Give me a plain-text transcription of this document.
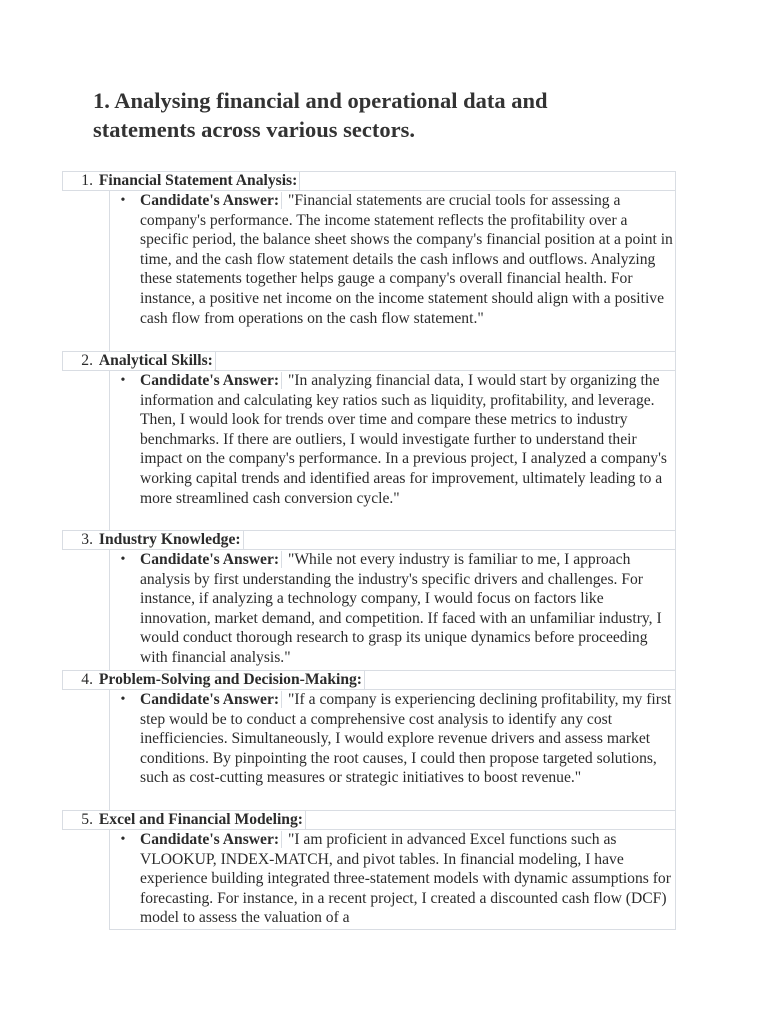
1. Analysing financial and operational data and statements across various sectors.
1. Financial Statement Analysis:
• Candidate's Answer: "Financial statements are crucial tools for assessing a company's performance. The income statement reflects the profitability over a specific period, the balance sheet shows the company's financial position at a point in time, and the cash flow statement details the cash inflows and outflows. Analyzing these statements together helps gauge a company's overall financial health. For instance, a positive net income on the income statement should align with a positive cash flow from operations on the cash flow statement."
2. Analytical Skills:
• Candidate's Answer: "In analyzing financial data, I would start by organizing the information and calculating key ratios such as liquidity, profitability, and leverage. Then, I would look for trends over time and compare these metrics to industry benchmarks. If there are outliers, I would investigate further to understand their impact on the company's performance. In a previous project, I analyzed a company's working capital trends and identified areas for improvement, ultimately leading to a more streamlined cash conversion cycle."
3. Industry Knowledge:
• Candidate's Answer: "While not every industry is familiar to me, I approach analysis by first understanding the industry's specific drivers and challenges. For instance, if analyzing a technology company, I would focus on factors like innovation, market demand, and competition. If faced with an unfamiliar industry, I would conduct thorough research to grasp its unique dynamics before proceeding with financial analysis."
4. Problem-Solving and Decision-Making:
• Candidate's Answer: "If a company is experiencing declining profitability, my first step would be to conduct a comprehensive cost analysis to identify any cost inefficiencies. Simultaneously, I would explore revenue drivers and assess market conditions. By pinpointing the root causes, I could then propose targeted solutions, such as cost-cutting measures or strategic initiatives to boost revenue."
5. Excel and Financial Modeling:
• Candidate's Answer: "I am proficient in advanced Excel functions such as VLOOKUP, INDEX-MATCH, and pivot tables. In financial modeling, I have experience building integrated three-statement models with dynamic assumptions for forecasting. For instance, in a recent project, I created a discounted cash flow (DCF) model to assess the valuation of a
